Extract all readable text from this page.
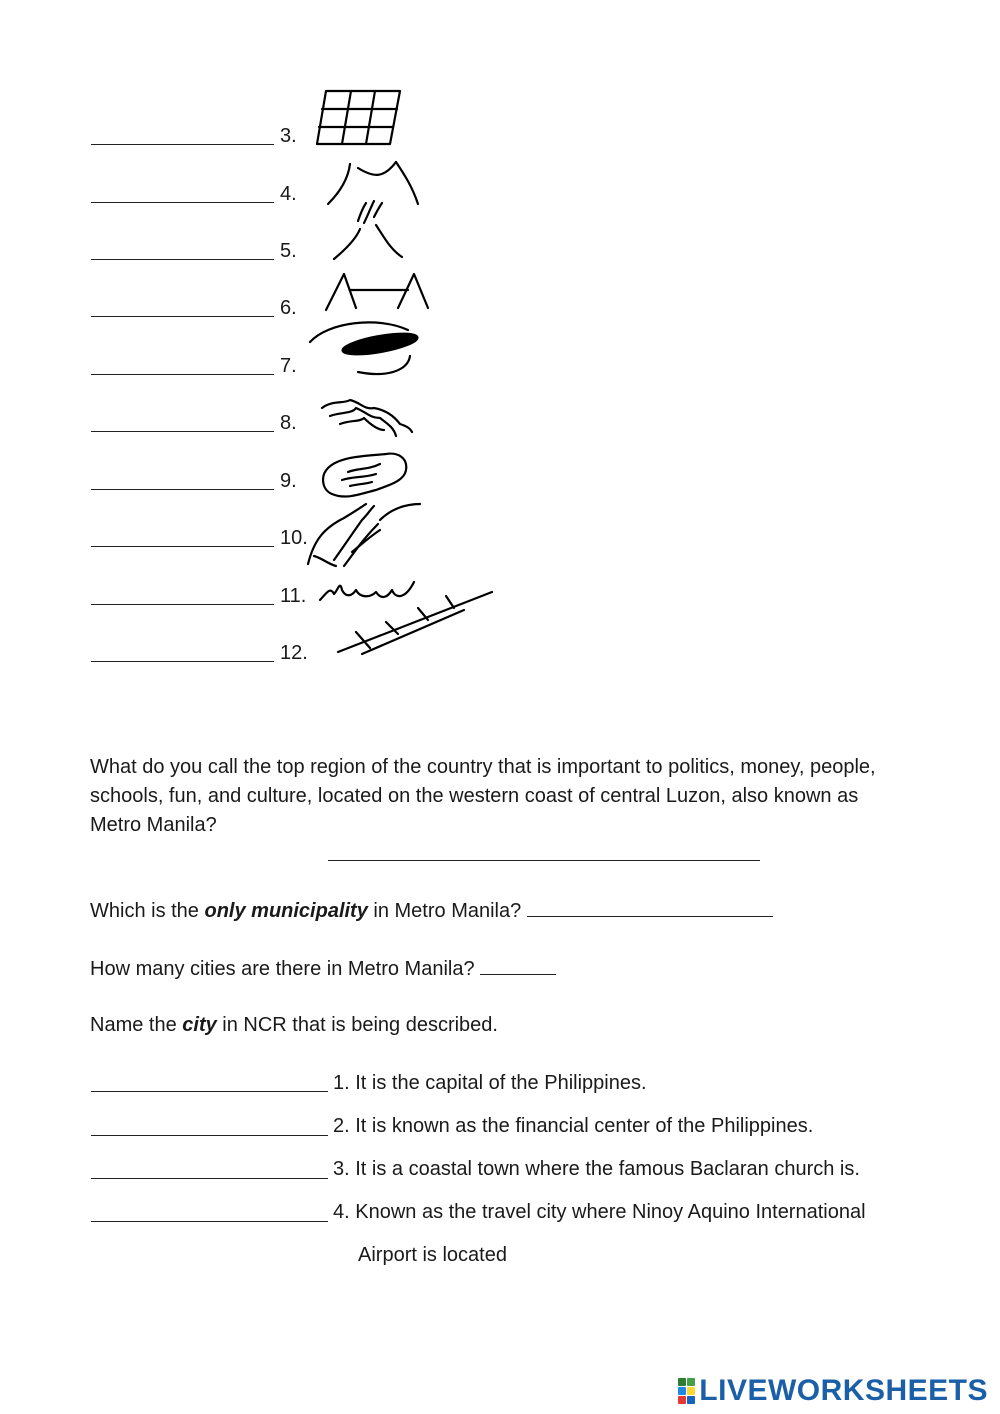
3.
4.
5.
6.
7.
8.
9.
10.
11.
12.
What do you call the top region of the country that is important to politics, money, people, schools, fun, and culture, located on the western coast of central Luzon, also known as Metro Manila?
Which is the only municipality in Metro Manila?
How many cities are there in Metro Manila?
Name the city in NCR that is being described.
1. It is the capital of the Philippines.
2. It is known as the financial center of the Philippines.
3. It is a coastal town where the famous Baclaran church is.
4. Known as the travel city where Ninoy Aquino International
Airport is located
LIVEWORKSHEETS
